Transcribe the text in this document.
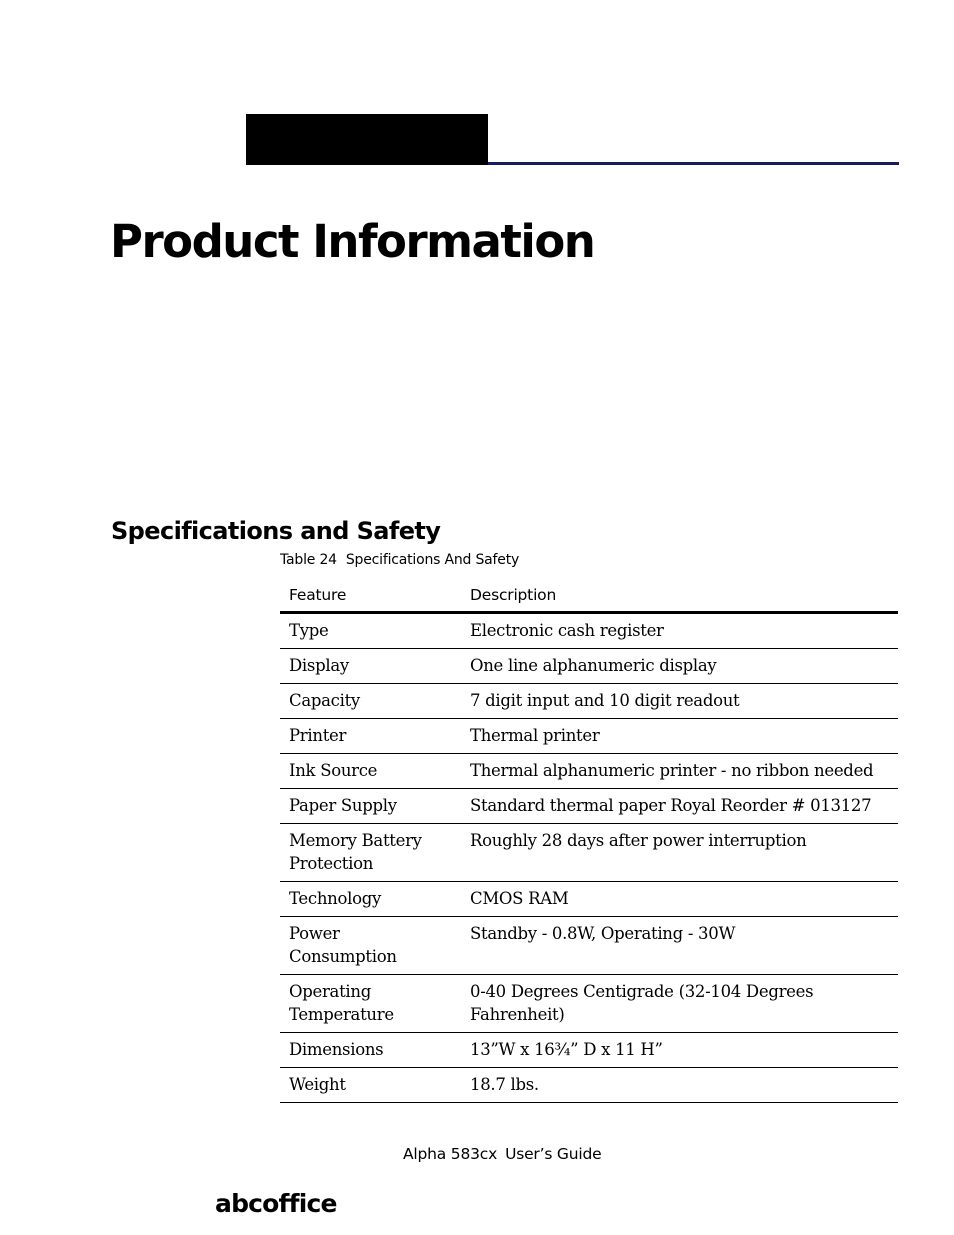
Product Information
Specifications and Safety
Table 24 Specifications And Safety
Feature	Description
Type	Electronic cash register
Display	One line alphanumeric display
Capacity	7 digit input and 10 digit readout
Printer	Thermal printer
Ink Source	Thermal alphanumeric printer - no ribbon needed
Paper Supply	Standard thermal paper Royal Reorder # 013127
Memory Battery Protection	Roughly 28 days after power interruption
Technology	CMOS RAM
Power Consumption	Standby - 0.8W, Operating - 30W
Operating Temperature	0-40 Degrees Centigrade (32-104 Degrees Fahrenheit)
Dimensions	13”W x 16¾” D x 11 H”
Weight	18.7 lbs.
Alpha 583cx User’s Guide
abcoffice
